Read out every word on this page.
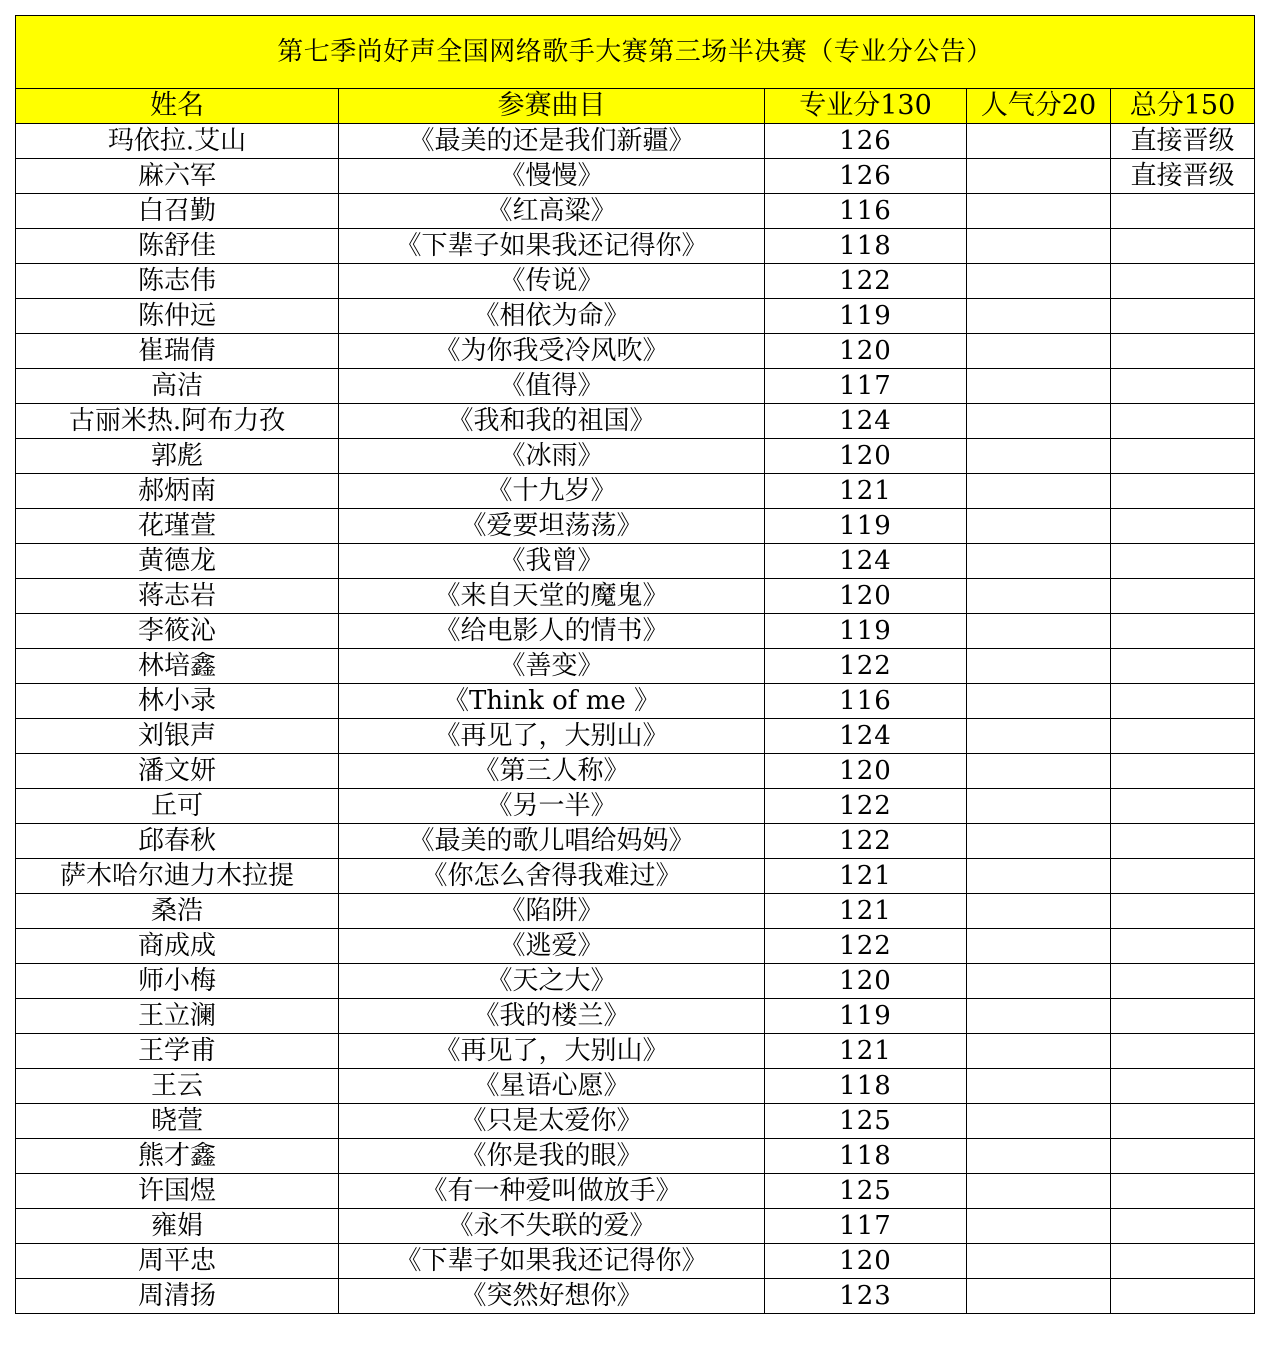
第七季尚好声全国网络歌手大赛第三场半决赛（专业分公告）				
姓名	参赛曲目	专业分130	人气分20	总分150
玛依拉.艾山	《最美的还是我们新疆》	126		直接晋级
麻六军	《慢慢》	126		直接晋级
白召勤	《红高粱》	116		
陈舒佳	《下辈子如果我还记得你》	118		
陈志伟	《传说》	122		
陈仲远	《相依为命》	119		
崔瑞倩	《为你我受冷风吹》	120		
高洁	《值得》	117		
古丽米热.阿布力孜	《我和我的祖国》	124		
郭彪	《冰雨》	120		
郝炳南	《十九岁》	121		
花瑾萱	《爱要坦荡荡》	119		
黄德龙	《我曾》	124		
蒋志岩	《来自天堂的魔鬼》	120		
李筱沁	《给电影人的情书》	119		
林培鑫	《善变》	122		
林小录	《Think of me 》	116		
刘银声	《再见了，大别山》	124		
潘文妍	《第三人称》	120		
丘可	《另一半》	122		
邱春秋	《最美的歌儿唱给妈妈》	122		
萨木哈尔迪力木拉提	《你怎么舍得我难过》	121		
桑浩	《陷阱》	121		
商成成	《逃爱》	122		
师小梅	《天之大》	120		
王立澜	《我的楼兰》	119		
王学甫	《再见了，大别山》	121		
王云	《星语心愿》	118		
晓萱	《只是太爱你》	125		
熊才鑫	《你是我的眼》	118		
许国煜	《有一种爱叫做放手》	125		
雍娟	《永不失联的爱》	117		
周平忠	《下辈子如果我还记得你》	120		
周清扬	《突然好想你》	123		
